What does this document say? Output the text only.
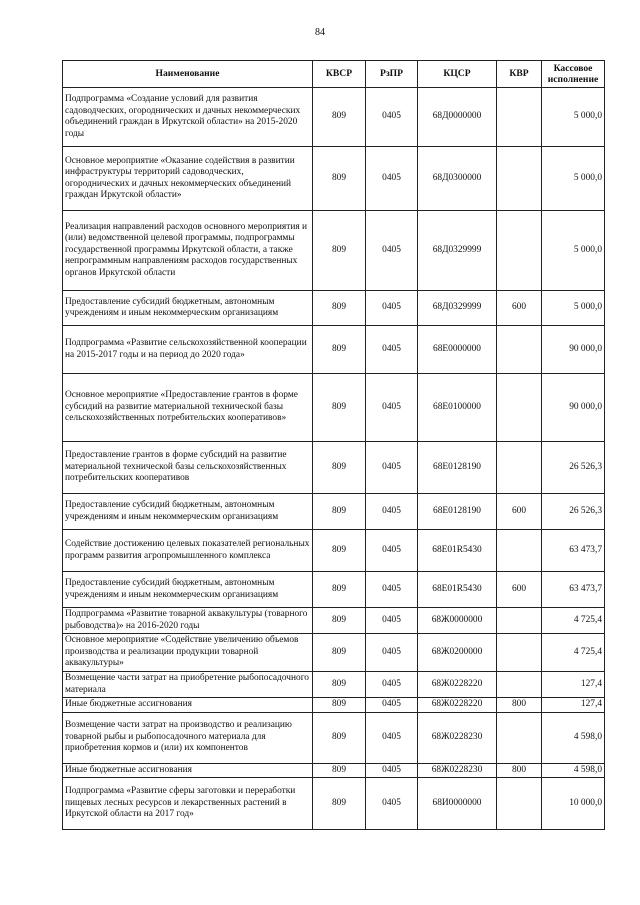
84
Наименование	КВСР	РзПР	КЦСР	КВР	Кассовое исполнение
Подпрограмма «Создание условий для развития садоводческих, огороднических и дачных некоммерческих объединений граждан в Иркутской области» на 2015-2020 годы	809	0405	68Д0000000		5 000,0
Основное мероприятие «Оказание содействия в развитии инфраструктуры территорий садоводческих, огороднических и дачных некоммерческих объединений граждан Иркутской области»	809	0405	68Д0300000		5 000,0
Реализация направлений расходов основного мероприятия и (или) ведомственной целевой программы, подпрограммы государственной программы Иркутской области, а также непрограммным направлениям расходов государственных органов Иркутской области	809	0405	68Д0329999		5 000,0
Предоставление субсидий бюджетным, автономным учреждениям и иным некоммерческим организациям	809	0405	68Д0329999	600	5 000,0
Подпрограмма «Развитие сельскохозяйственной кооперации на 2015-2017 годы и на период до 2020 года»	809	0405	68Е0000000		90 000,0
Основное мероприятие «Предоставление грантов в форме субсидий на развитие материальной технической базы сельскохозяйственных потребительских кооперативов»	809	0405	68Е0100000		90 000,0
Предоставление грантов в форме субсидий на развитие материальной технической базы сельскохозяйственных потребительских кооперативов	809	0405	68Е0128190		26 526,3
Предоставление субсидий бюджетным, автономным учреждениям и иным некоммерческим организациям	809	0405	68Е0128190	600	26 526,3
Содействие достижению целевых показателей региональных программ развития агропромышленного комплекса	809	0405	68Е01R5430		63 473,7
Предоставление субсидий бюджетным, автономным учреждениям и иным некоммерческим организациям	809	0405	68Е01R5430	600	63 473,7
Подпрограмма «Развитие товарной аквакультуры (товарного рыбоводства)» на 2016-2020 годы	809	0405	68Ж0000000		4 725,4
Основное мероприятие «Содействие увеличению объемов производства и реализации продукции товарной аквакультуры»	809	0405	68Ж0200000		4 725,4
Возмещение части затрат на приобретение рыбопосадочного материала	809	0405	68Ж0228220		127,4
Иные бюджетные ассигнования	809	0405	68Ж0228220	800	127,4
Возмещение части затрат на производство и реализацию товарной рыбы и рыбопосадочного материала для приобретения кормов и (или) их компонентов	809	0405	68Ж0228230		4 598,0
Иные бюджетные ассигнования	809	0405	68Ж0228230	800	4 598,0
Подпрограмма «Развитие сферы заготовки и переработки пищевых лесных ресурсов и лекарственных растений в Иркутской области на 2017 год»	809	0405	68И0000000		10 000,0
